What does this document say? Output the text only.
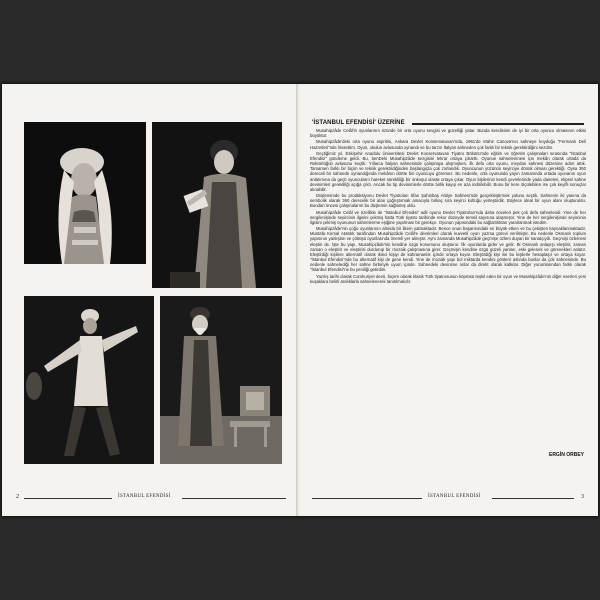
2	İSTANBUL EFENDİSİ
'İSTANBUL EFENDİSİ' ÜZERİNE

Musahipzâde Celâl'in oyunlarının özünde bir orta oyunu sevgisi ve güzelliği yatar. Bunda kendisinin de iyi bir orta oyuncu olmasının etkisi büyüktür.

Musahipzâde'deki orta oyunu espritini, Ankara Devlet Konservatuvarı'nda, 1961'de Mahir Canova'nın sahneye koyduğu "Fermanlı Deli Hazretleri"nde hissettim. Oyun, okulun avlusunda oynandı ve bu tarzın İtalyan sahneden çok farklı bir teknik gerektirdiğini sezdim.

Geçtiğimiz yıl, Eskişehir Anadolu Üniversitesi Devlet Konservatuvarı Tiyatro Bölümü'nde eğitim ve öğretim çalışmaları sırasında "İstanbul Efendisi" gündeme geldi. Bu, benDeki Musahipzâde sezgisini tekrar ortaya çıkarttı. Oyunun sahnelenmesi için mekân olarak ortada da Rektörlüğün avlusunu seçtik. Yıllarca İtalyan sahnesinde çalışmaya alışmışken, ilk defa orta oyunu, meydan sahnesi düzenine adım attık. Tamamen farklı bir biçim ve teknik gerektirdiğinden başlangıçta çok zorlandık. Oyuncunun yüzünün seyirciye dönük olması gerektiği. Oysa 360 dereceli bir sahnede oynandığında mekânın dörtte biri oyuncuyu göremez. Bu nedenle, orta oyununda yayın zamanında ortada oyunanın oyun anlatımına da geçti oyuncuların hareket sürekliliği bir önkoşul olarak ortaya çıkar. Oyun kişilerinin kendi çevrelerinde yada daireleri, elipsel sahne devinimleri gerekliliği açığa çıktı. Ancak bu tip devinimlerle dörtte birlik kayıp en aza indirilebilir. Bunu bir kere ölçülebilen ise çok keyifli sonuçlar alınabilir.

Düşlemimde bu prodüksiyonu Devlet Tiyatroları İrfan Şahinbaş Atölye Sahnesi'nde gerçekleştirmek yolunu seçtik. Sahnenin iki yanına da sembolik olarak 360 derecelik bir alan çağrıştırmak amacıyla birkaç sıra seyirci koltuğu yerleştirdik. Böylece ideal bir oyun alanı oluşturuldu. Bundan öncesi çalışmalarım bu düşlemin sağlamış oldu.

Musahipzâde Celâl ve özellikle de "İstanbul Efendisi" adlı oyunu Devlet Tiyatroları'nda daha önceleri pek çok defa sahnelendi. Yine de her sergilenişinde seyircinin ilgisini çekmiş hatta Türk tiyatro tarihinde rekor düzeyde temsil sayısına ulaşmıştır. Yine de her sergilenişinde seyircinin ilgisini çekmiş oyununun sahnelenme eşiğine yapılması bir gerekçe. Oyunun yapısındaki bu sağlamlıktan yararlanmak istedim.

Musahipzâde'nin çoğu oyunlarının altında bir ilkem yatmaktadır. Bence onun başarısındaki en büyük etken ve bu çekişten kaynaklanmaktadır. Mustafa Kemal Atatürk tarafından Musahipzâde Celâl'e devrimleri olarak kuvvetli oyun yazma görevi verilmiştir. Bu nedenle Osmanlı toplum yapısının yanlışları ve çöküşü oyunlarında önemli yer almıştır. Aynı zamanda Musahipzâde geçmişe özlem duyan bir sanatçıydı. Geçmişi özlemesi eleştiri de. İşte bu yapı, Musahipzâde'nin kendine özgü konumunu oluşturur. İlk oyunlarda gider ve gelir. Bi Osmanlı anlayışı eleştirir, zaman zaman o eleştirir ve eleştirisi durdurup bir mozaik çalışmasına girer. Geçmişin kendine özgü güzeli yanları, eski gelenek ve görenekleri anlatır. Eleştirdiği kişilere alternatif olarak ikinci kişiyi de kahramanlık içinde ortaya koyar. Eleştirdiği kişi ise bu kişilerle hesaplaşır ve ortaya koyar. "İstanbul Efendisi"nde bu alternatif kişi de gene kendi. Yine de mozaik yapı bol miktarda kendini gösterir aslında bunlar da çok sahnesinde. Bu nedenle sahnelediği her sahne birbiriyle uyum içinde. Sahnedeki devinime onlar da direkt olarak katkılar. Diğer yorumlarından farklı olarak "İstanbul Efendisi"ne bu yeniliği getirdim.

Yazılış tarihi olarak Cumhuriyet devri, biçem olarak klasik Türk tiyatrosunun köprüsü teşkil eden bir oyun ve Musahipzâde'nin diğer eserleri yeni kuşaklara belirli aralıklarla sahnelenerek tanıtılmalıdır.

ERGİN ORBEY
İSTANBUL EFENDİSİ	3
